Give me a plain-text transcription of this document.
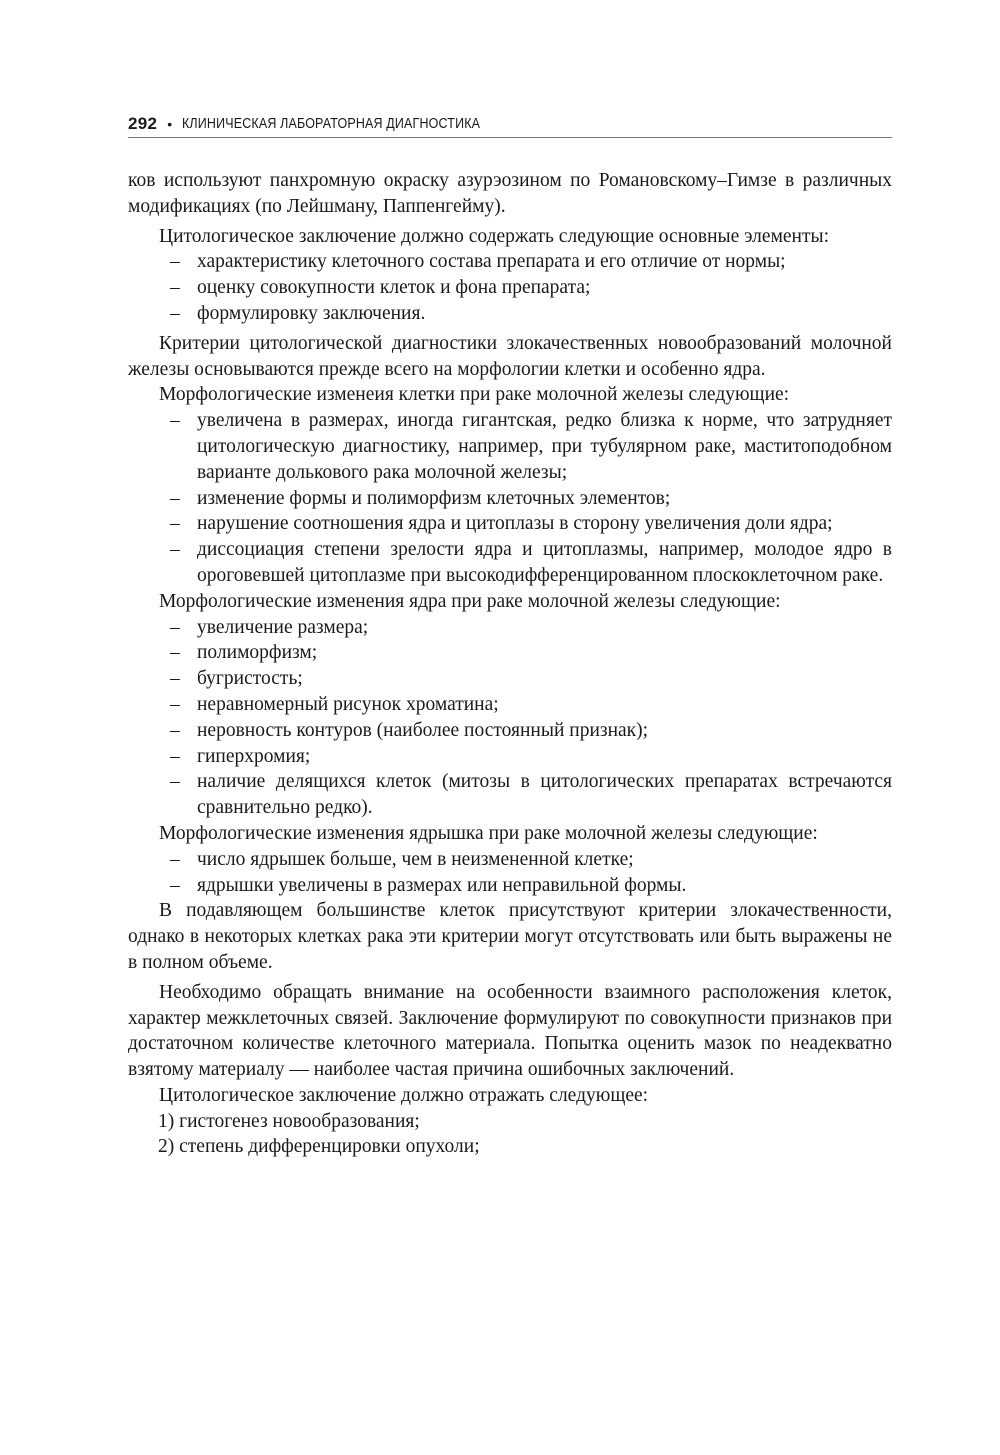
292 • КЛИНИЧЕСКАЯ ЛАБОРАТОРНАЯ ДИАГНОСТИКА

ков используют панхромную окраску азурэозином по Романовскому–Гимзе в различных модификациях (по Лейшману, Паппенгейму).

Цитологическое заключение должно содержать следующие основные элементы:

– характеристику клеточного состава препарата и его отличие от нормы;

– оценку совокупности клеток и фона препарата;

– формулировку заключения.

Критерии цитологической диагностики злокачественных новообразований молочной железы основываются прежде всего на морфологии клетки и особенно ядра.

Морфологические изменеия клетки при раке молочной железы следующие:

– увеличена в размерах, иногда гигантская, редко близка к норме, что затрудняет цитологическую диагностику, например, при тубулярном раке, маститоподобном варианте долькового рака молочной железы;

– изменение формы и полиморфизм клеточных элементов;

– нарушение соотношения ядра и цитоплазы в сторону увеличения доли ядра;

– диссоциация степени зрелости ядра и цитоплазмы, например, молодое ядро в ороговевшей цитоплазме при высокодифференцированном плоскоклеточном раке.

Морфологические изменения ядра при раке молочной железы следующие:

– увеличение размера;

– полиморфизм;

– бугристость;

– неравномерный рисунок хроматина;

– неровность контуров (наиболее постоянный признак);

– гиперхромия;

– наличие делящихся клеток (митозы в цитологических препаратах встречаются сравнительно редко).

Морфологические изменения ядрышка при раке молочной железы следующие:

– число ядрышек больше, чем в неизмененной клетке;

– ядрышки увеличены в размерах или неправильной формы.

В подавляющем большинстве клеток присутствуют критерии злокачественности, однако в некоторых клетках рака эти критерии могут отсутствовать или быть выражены не в полном объеме.

Необходимо обращать внимание на особенности взаимного расположения клеток, характер межклеточных связей. Заключение формулируют по совокупности признаков при достаточном количестве клеточного материала. Попытка оценить мазок по неадекватно взятому материалу — наиболее частая причина ошибочных заключений.

Цитологическое заключение должно отражать следующее:

1) гистогенез новообразования;

2) степень дифференцировки опухоли;
